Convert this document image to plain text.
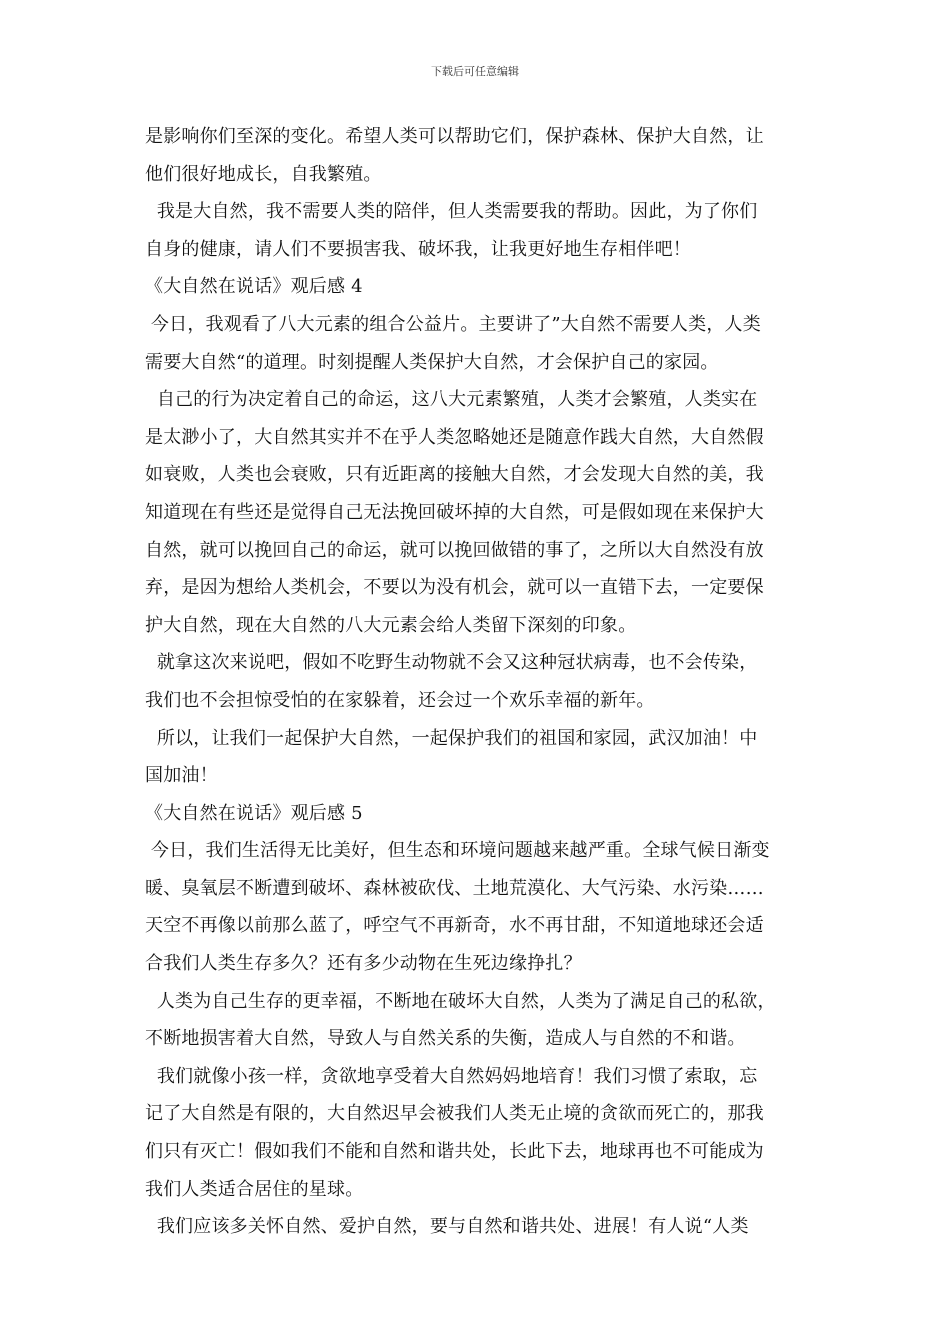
下载后可任意编辑
是影响你们至深的变化。希望人类可以帮助它们，保护森林、保护大自然，让
他们很好地成长，自我繁殖。
我是大自然，我不需要人类的陪伴，但人类需要我的帮助。因此，为了你们
自身的健康，请人们不要损害我、破坏我，让我更好地生存相伴吧！
《大自然在说话》观后感 4
今日，我观看了八大元素的组合公益片。主要讲了”大自然不需要人类，人类
需要大自然“的道理。时刻提醒人类保护大自然，才会保护自己的家园。
自己的行为决定着自己的命运，这八大元素繁殖，人类才会繁殖，人类实在
是太渺小了，大自然其实并不在乎人类忽略她还是随意作践大自然，大自然假
如衰败，人类也会衰败，只有近距离的接触大自然，才会发现大自然的美，我
知道现在有些还是觉得自己无法挽回破坏掉的大自然，可是假如现在来保护大
自然，就可以挽回自己的命运，就可以挽回做错的事了，之所以大自然没有放
弃，是因为想给人类机会，不要以为没有机会，就可以一直错下去，一定要保
护大自然，现在大自然的八大元素会给人类留下深刻的印象。
就拿这次来说吧，假如不吃野生动物就不会又这种冠状病毒，也不会传染，
我们也不会担惊受怕的在家躲着，还会过一个欢乐幸福的新年。
所以，让我们一起保护大自然，一起保护我们的祖国和家园，武汉加油！中
国加油！
《大自然在说话》观后感 5
今日，我们生活得无比美好，但生态和环境问题越来越严重。全球气候日渐变
暖、臭氧层不断遭到破坏、森林被砍伐、土地荒漠化、大气污染、水污染……
天空不再像以前那么蓝了，呼空气不再新奇，水不再甘甜，不知道地球还会适
合我们人类生存多久？还有多少动物在生死边缘挣扎？
人类为自己生存的更幸福，不断地在破坏大自然，人类为了满足自己的私欲，
不断地损害着大自然，导致人与自然关系的失衡，造成人与自然的不和谐。
我们就像小孩一样，贪欲地享受着大自然妈妈地培育！我们习惯了索取，忘
记了大自然是有限的，大自然迟早会被我们人类无止境的贪欲而死亡的，那我
们只有灭亡！假如我们不能和自然和谐共处，长此下去，地球再也不可能成为
我们人类适合居住的星球。
我们应该多关怀自然、爱护自然，要与自然和谐共处、进展！有人说“人类
